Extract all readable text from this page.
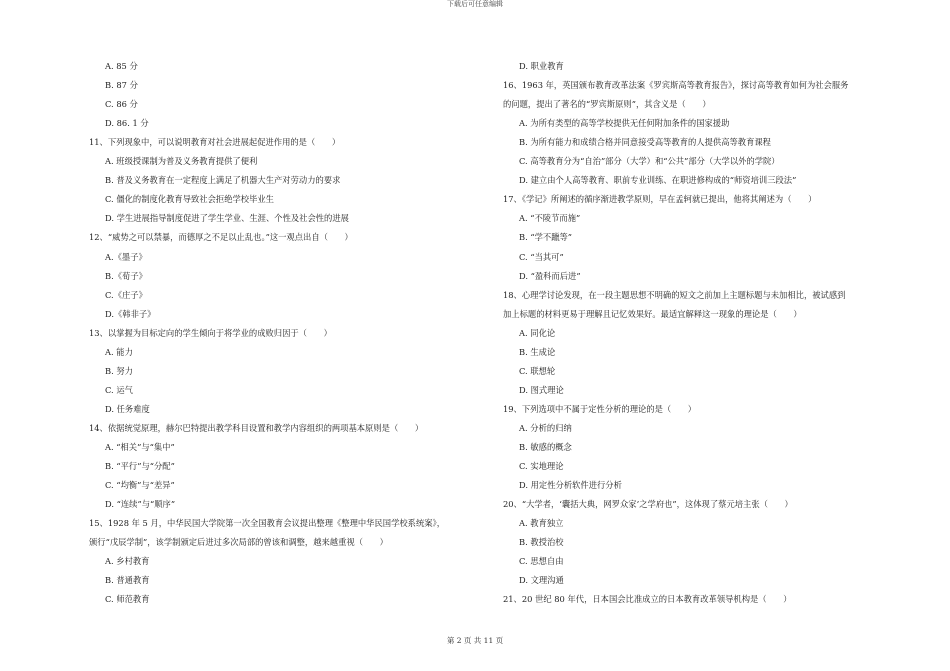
下载后可任意编辑
A. 85 分
B. 87 分
C. 86 分
D. 86. 1 分
11、下列现象中，可以说明教育对社会进展起促进作用的是（　　）
A. 班级授课制为普及义务教育提供了便利
B. 普及义务教育在一定程度上满足了机器大生产对劳动力的要求
C. 僵化的制度化教育导致社会拒绝学校毕业生
D. 学生进展指导制度促进了学生学业、生涯、个性及社会性的进展
12、“威势之可以禁暴，而德厚之不足以止乱也。”这一观点出自（　　）
A.《墨子》
B.《荀子》
C.《庄子》
D.《韩非子》
13、以掌握为目标定向的学生倾向于将学业的成败归因于（　　）
A. 能力
B. 努力
C. 运气
D. 任务难度
14、依据统觉原理，赫尔巴特提出教学科目设置和教学内容组织的两项基本原则是（　　）
A. “相关”与“集中”
B. “平行”与“分配”
C. “均衡”与“差异”
D. “连续”与“顺序”
15、1928 年 5 月，中华民国大学院第一次全国教育会议提出整理《整理中华民国学校系统案》，
颁行“戊辰学制”，该学制颁定后进过多次局部的曾该和调整，越来越重视（　　）
A. 乡村教育
B. 普通教育
C. 师范教育
D. 职业教育
16、1963 年，英国颁布教育改革法案《罗宾斯高等教育报告》，探讨高等教育如何为社会服务
的问题，提出了著名的“罗宾斯原则”，其含义是（　　）
A. 为所有类型的高等学校提供无任何附加条件的国家援助
B. 为所有能力和成绩合格并同意接受高等教育的人提供高等教育课程
C. 高等教育分为“自治”部分（大学）和“公共”部分（大学以外的学院）
D. 建立由个人高等教育、职前专业训练、在职进修构成的“师资培训三段法”
17、《学记》所阐述的循序渐进教学原则，早在孟轲就已提出，他将其阐述为（　　）
A. “不陵节而施”
B. “学不躐等”
C. “当其可”
D. “盈科而后进”
18、心理学讨论发现，在一段主题思想不明确的短文之前加上主题标题与未加相比，被试感到
加上标题的材料更易于理解且记忆效果好。最适宜解释这一现象的理论是（　　）
A. 同化论
B. 生成论
C. 联想轮
D. 图式理论
19、下列选项中不属于定性分析的理论的是（　　）
A. 分析的归纳
B. 敏感的概念
C. 实地理论
D. 用定性分析软件进行分析
20、“大学者，‘囊括大典，网罗众家’之学府也”，这体现了蔡元培主张（　　）
A. 教育独立
B. 教授治校
C. 思想自由
D. 文理沟通
21、20 世纪 80 年代，日本国会比准成立的日本教育改革领导机构是（　　）
第 2 页 共 11 页
